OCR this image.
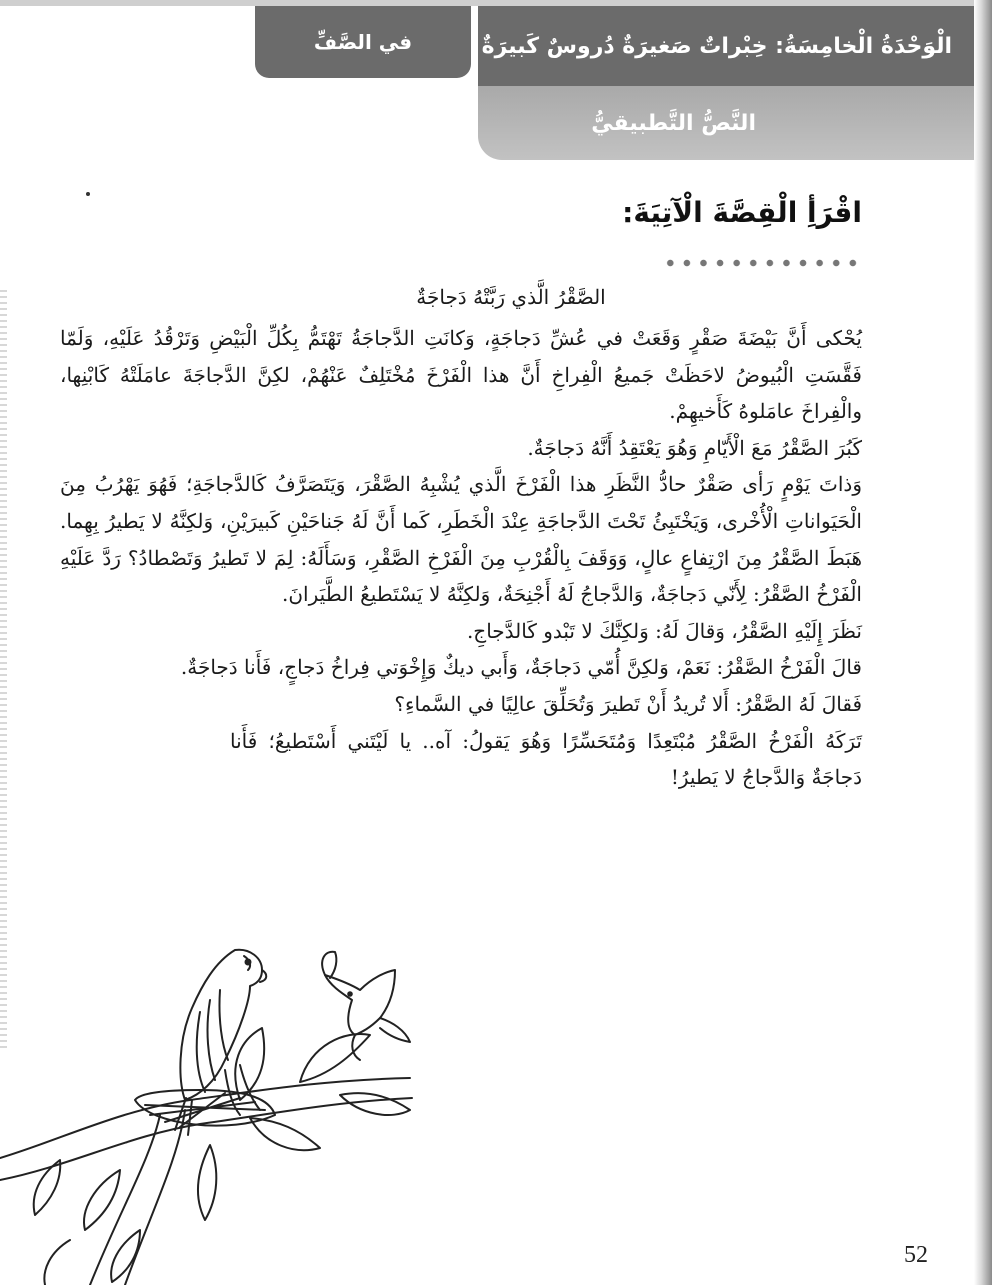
الْوَحْدَةُ الْخامِسَةُ: خِبْراتٌ صَغيرَةٌ دُروسٌ كَبيرَةٌ
في الصَّفِّ
النَّصُّ التَّطبيقيُّ
اقْرَأِ الْقِصَّةَ الْآتِيَةَ:
الصَّقْرُ الَّذي رَبَّتْهُ دَجاجَةٌ

يُحْكى أَنَّ بَيْضَةَ صَقْرٍ وَقَعَتْ في عُشِّ دَجاجَةٍ، وَكانَتِ الدَّجاجَةُ تَهْتَمُّ بِكُلِّ الْبَيْضِ وَتَرْقُدُ عَلَيْهِ، وَلَمّا فَقَّسَتِ الْبُيوضُ لاحَظَتْ جَميعُ الْفِراخِ أَنَّ هذا الْفَرْخَ مُخْتَلِفٌ عَنْهُمْ، لكِنَّ الدَّجاجَةَ عامَلَتْهُ كَابْنِها، والْفِراخَ عامَلوهُ كَأَخيهِمْ.

كَبُرَ الصَّقْرُ مَعَ الْأَيّامِ وَهُوَ يَعْتَقِدُ أَنَّهُ دَجاجَةٌ.

وَذاتَ يَوْمٍ رَأى صَقْرٌ حادُّ النَّظَرِ هذا الْفَرْخَ الَّذي يُشْبِهُ الصَّقْرَ، وَيَتَصَرَّفُ كَالدَّجاجَةِ؛ فَهُوَ يَهْرُبُ مِنَ الْحَيَواناتِ الْأُخْرى، وَيَخْتَبِئُ تَحْتَ الدَّجاجَةِ عِنْدَ الْخَطَرِ، كَما أَنَّ لَهُ جَناحَيْنِ كَبيرَيْنِ، وَلكِنَّهُ لا يَطيرُ بِهِما. هَبَطَ الصَّقْرُ مِنَ ارْتِفاعٍ عالٍ، وَوَقَفَ بِالْقُرْبِ مِنَ الْفَرْخِ الصَّقْرِ، وَسَأَلَهُ: لِمَ لا تَطيرُ وَتَصْطادُ؟ رَدَّ عَلَيْهِ الْفَرْخُ الصَّقْرُ: لِأَنّي دَجاجَةٌ، وَالدَّجاجُ لَهُ أَجْنِحَةٌ، وَلكِنَّهُ لا يَسْتَطيعُ الطَّيَرانَ.

نَظَرَ إِلَيْهِ الصَّقْرُ، وَقالَ لَهُ: وَلكِنَّكَ لا تَبْدو كَالدَّجاجِ.

قالَ الْفَرْخُ الصَّقْرُ: نَعَمْ، وَلكِنَّ أُمّي دَجاجَةٌ، وَأَبي ديكٌ وَإِخْوَتي فِراخُ دَجاجٍ، فَأَنا دَجاجَةٌ.

فَقالَ لَهُ الصَّقْرُ: أَلا تُريدُ أَنْ تَطيرَ وَتُحَلِّقَ عالِيًا في السَّماءِ؟

تَرَكَهُ الْفَرْخُ الصَّقْرُ مُبْتَعِدًا وَمُتَحَسِّرًا وَهُوَ يَقولُ: آه.. يا لَيْتَني أَسْتَطيعُ؛ فَأَنا دَجاجَةٌ وَالدَّجاجُ لا يَطيرُ!

52
